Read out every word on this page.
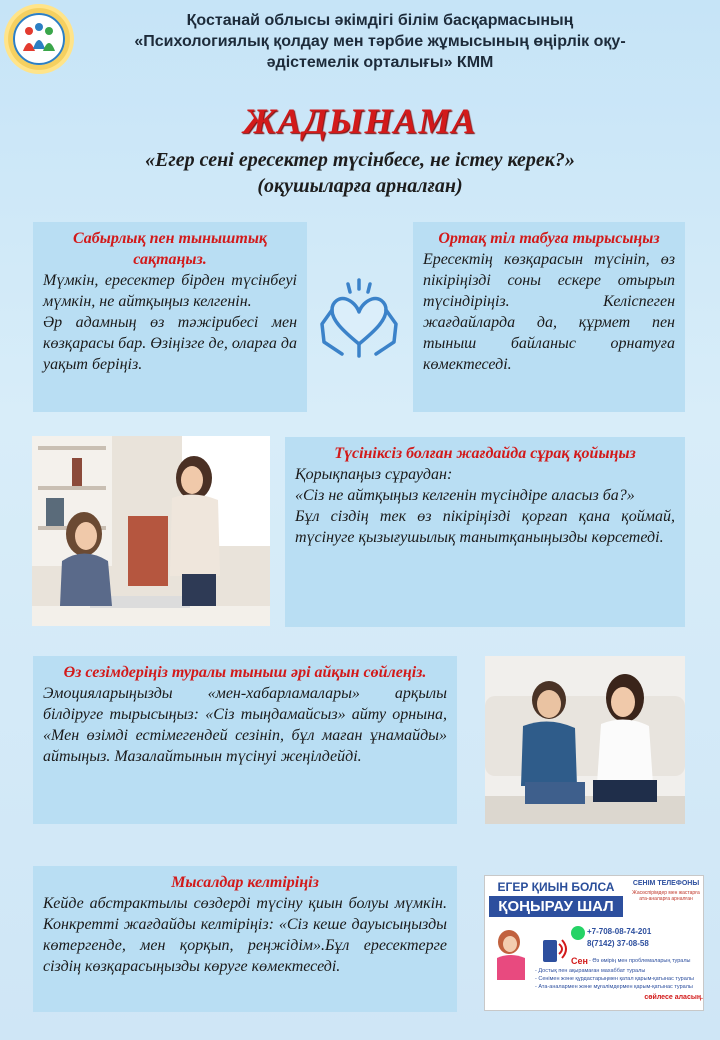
Қостанай облысы әкімдігі білім басқармасының
«Психологиялық қолдау мен тәрбие жұмысының өңірлік оқу-
әдістемелік орталығы» КММ
ЖАДЫНАМА
«Егер сені ересектер түсінбесе, не істеу керек?»
(оқушыларға арналған)
Сабырлық пен тыныштық сақтаңыз.

Мүмкін, ересектер бірден түсінбеуі мүмкін, не айтқыңыз келгенін.

Әр адамның өз тәжірибесі мен көзқарасы бар. Өзіңізге де, оларға да уақыт беріңіз.

Ортақ тіл табуға тырысыңыз

Ересектің көзқарасын түсініп, өз пікіріңізді соны ескере отырып түсіндіріңіз. Келіспеген жағдайларда да, құрмет пен тыныш байланыс орнатуға көмектеседі.

Түсініксіз болған жағдайда сұрақ қойыңыз

Қорықпаңыз сұраудан:

«Сіз не айтқыңыз келгенін түсіндіре аласыз ба?»

Бұл сіздің тек өз пікіріңізді қорғап қана қоймай, түсінуге қызығушылық танытқаныңызды көрсетеді.

Өз сезімдеріңіз туралы тыныш әрі айқын сөйлеңіз.

Эмоцияларыңызды «мен-хабарламалары» арқылы білдіруге тырысыңыз: «Сіз тыңдамайсыз» айту орнына, «Мен өзімді естімегендей сезініп, бұл маған ұнамайды» айтыңыз. Мазалайтынын түсінуі жеңілдейді.

Мысалдар келтіріңіз

Кейде абстрактылы сөздерді түсіну қиын болуы мүмкін. Конкретті жағдайды келтіріңіз: «Сіз кеше дауысыңызды көтергенде, мен қорқып, реңжідім».Бұл ересектерге сіздің көзқарасыңызды көруге көмектеседі.

ЕГЕР ҚИЫН БОЛСА
ҚОҢЫРАУ ШАЛ
СЕНІМ ТЕЛЕФОНЫ
Жасөспірімдер мен жастарға ата-аналарға арналған
+7-708-08-74-201
8(7142) 37-08-58
Сен - Өз өмірің мен проблемаларың туралы
- Достық пен ақырамаған махаббат туралы
- Сенімен және құрдастарыңмен қатал қарым-қатынас туралы
- Ата-аналармен және мұғалімдермен қарым-қатынас туралы
сөйлесе аласың.
